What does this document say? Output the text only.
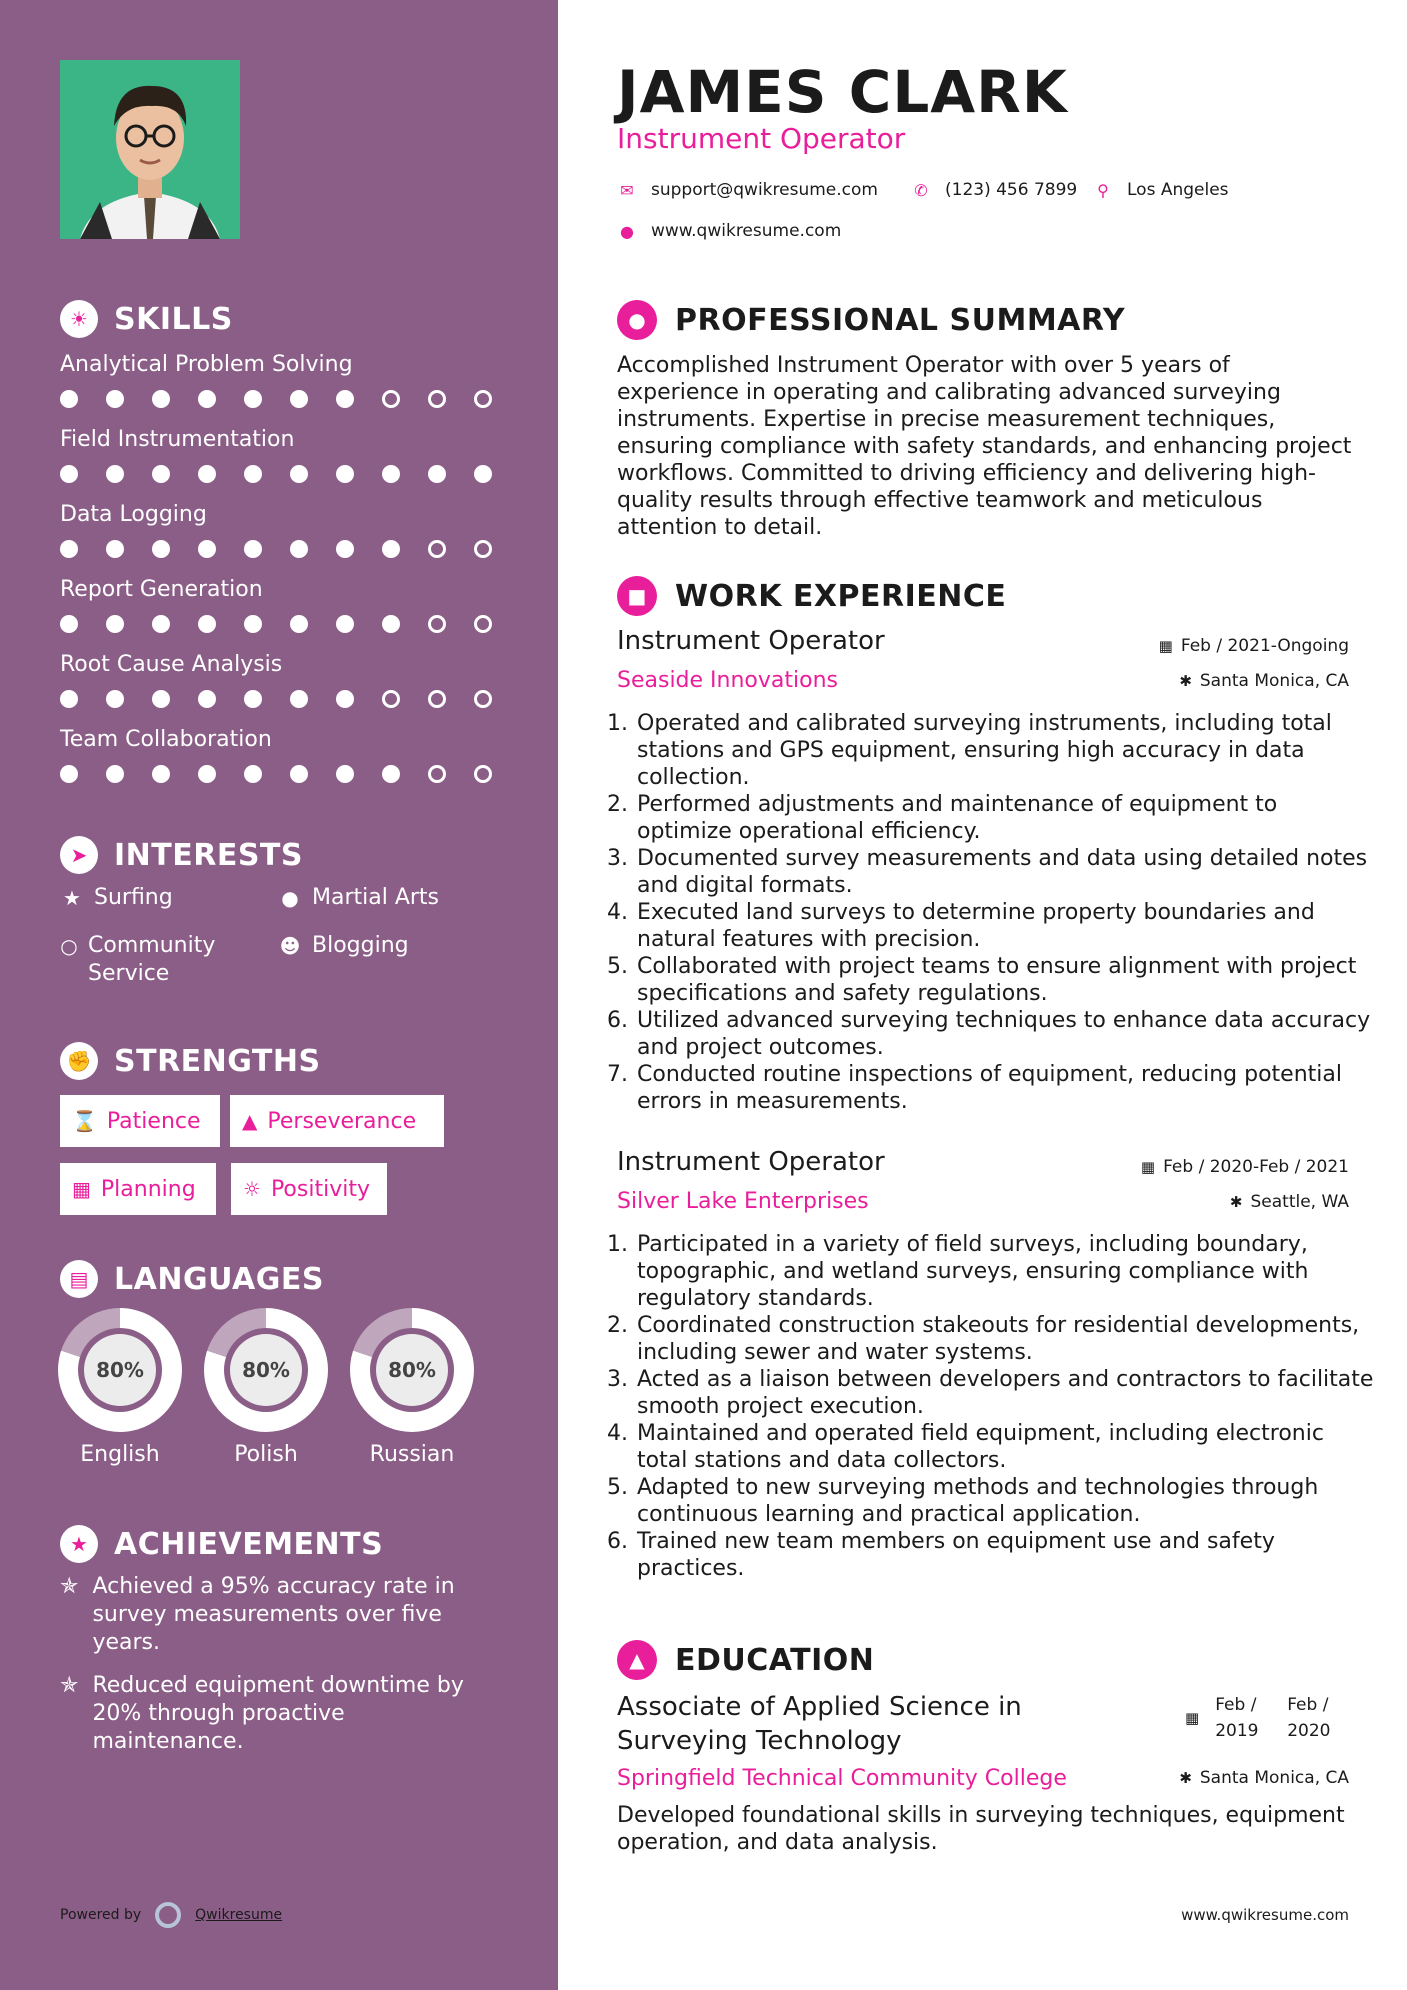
☀ SKILLS
Analytical Problem Solving
Field Instrumentation
Data Logging
Report Generation
Root Cause Analysis
Team Collaboration
➤ INTERESTS
★ Surfing	● Martial Arts
○ Community Service
☻ Blogging
✊ STRENGTHS
⌛ Patience ▲ Perseverance
▦ Planning ☼ Positivity
▤ LANGUAGES
80%
English
80%
Polish
80%
Russian
★ ACHIEVEMENTS
✯ Achieved a 95% accuracy rate in survey measurements over five years.
✯ Reduced equipment downtime by 20% through proactive maintenance.
Powered by	Qwikresume
JAMES CLARK
Instrument Operator
✉ support@qwikresume.com ✆ (123) 456 7899 ⚲ Los Angeles
● www.qwikresume.com
● PROFESSIONAL SUMMARY
Accomplished Instrument Operator with over 5 years of experience in operating and calibrating advanced surveying instruments. Expertise in precise measurement techniques, ensuring compliance with safety standards, and enhancing project workflows. Committed to driving efficiency and delivering high-quality results through effective teamwork and meticulous attention to detail.
■ WORK EXPERIENCE
Instrument Operator	▦ Feb / 2021-Ongoing
Seaside Innovations	✱ Santa Monica, CA
1. Operated and calibrated surveying instruments, including total stations and GPS equipment, ensuring high accuracy in data collection.
2. Performed adjustments and maintenance of equipment to optimize operational efficiency.
3. Documented survey measurements and data using detailed notes and digital formats.
4. Executed land surveys to determine property boundaries and natural features with precision.
5. Collaborated with project teams to ensure alignment with project specifications and safety regulations.
6. Utilized advanced surveying techniques to enhance data accuracy and project outcomes.
7. Conducted routine inspections of equipment, reducing potential errors in measurements.
Instrument Operator	▦ Feb / 2020-Feb / 2021
Silver Lake Enterprises	✱ Seattle, WA
1. Participated in a variety of field surveys, including boundary, topographic, and wetland surveys, ensuring compliance with regulatory standards.
2. Coordinated construction stakeouts for residential developments, including sewer and water systems.
3. Acted as a liaison between developers and contractors to facilitate smooth project execution.
4. Maintained and operated field equipment, including electronic total stations and data collectors.
5. Adapted to new surveying methods and technologies through continuous learning and practical application.
6. Trained new team members on equipment use and safety practices.
▲	EDUCATION
Associate of Applied Science in Surveying Technology
▦
Feb / 2019
Feb / 2020
Springfield Technical Community College	✱ Santa Monica, CA
Developed foundational skills in surveying techniques, equipment operation, and data analysis.
www.qwikresume.com
